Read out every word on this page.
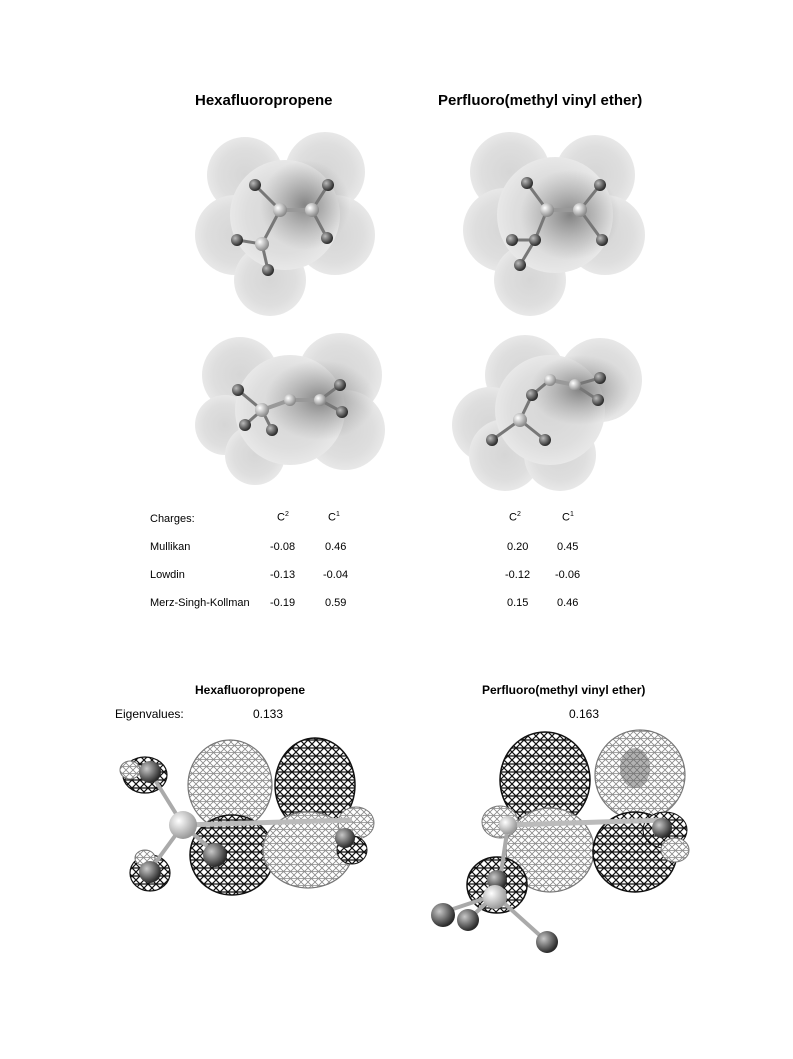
Hexafluoropropene	Perfluoro(methyl vinyl ether)
Charges:	$C^2$	$C^1$	$C^2$	$C^1$
Mullikan	-0.08	0.46	0.20	0.45
Lowdin	-0.13	-0.04	-0.12 -0.06
Merz-Singh-Kollman -0.19	0.59	0.15	0.46
Hexafluoropropene	Perfluoro(methyl vinyl ether)
Eigenvalues:	0.133	0.163
